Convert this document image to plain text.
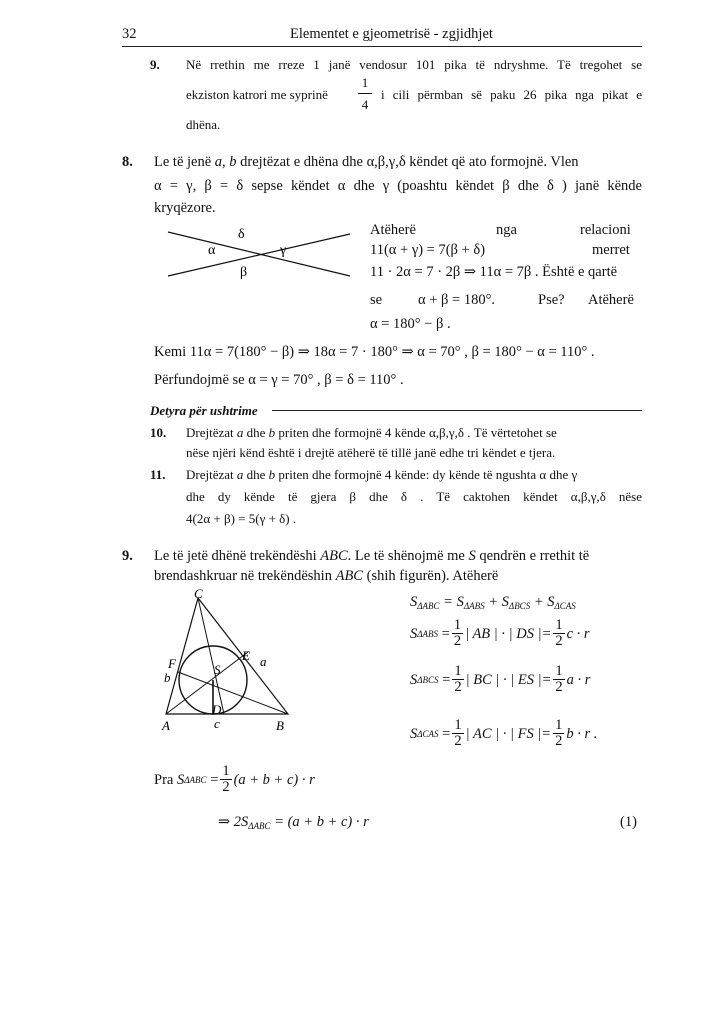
32	Elementet e gjeometrisë - zgjidhjet
9. Në rrethin me rreze 1 janë vendosur 101 pika të ndryshme. Të tregohet se
ekziston katrori me syprinë
1
4
i cili përmban së paku 26 pika nga pikat e
dhëna.
8. Le të jenë a, b drejtëzat e dhëna dhe α,β,γ,δ këndet që ato formojnë. Vlen
α = γ, β = δ sepse këndet α dhe γ (poashtu këndet β dhe δ ) janë kënde
kryqëzore.
δ
α	γ
β
Atëherë	nga	relacioni
11(α + γ) = 7(β + δ)	merret
11 · 2α = 7 · 2β ⇒ 11α = 7β . Është e qartë
se α + β = 180°.	Pse? Atëherë
α = 180° − β .
Kemi 11α = 7(180° − β) ⇒ 18α = 7 · 180° ⇒ α = 70° , β = 180° − α = 110° .
Përfundojmë se α = γ = 70° , β = δ = 110° .
Detyra për ushtrime
10. Drejtëzat a dhe b priten dhe formojnë 4 kënde α,β,γ,δ . Të vërtetohet se
nëse njëri kënd është i drejtë atëherë të tillë janë edhe tri këndet e tjera.
11. Drejtëzat a dhe b priten dhe formojnë 4 kënde: dy kënde të ngushta α dhe γ
dhe dy kënde të gjera β dhe δ . Të caktohen këndet α,β,γ,δ nëse
4(2α + β) = 5(γ + δ) .
9. Le të jetë dhënë trekëndëshi ABC. Le të shënojmë me S qendrën e rrethit të
brendashkruar në trekëndëshin ABC (shih figurën). Atëherë
C
E a
F	S
b
D
c
A	B
$S_{\Delta ABC} = S_{\Delta ABS} + S_{\Delta BCS} + S_{\Delta CAS}$
S $\Delta ABS = \frac{1}{2}$ | AB | · | DS |= $\frac{1}{2}$ c · r
S $\Delta BCS = \frac{1}{2}$ | BC | · | ES |= $\frac{1}{2}$ a · r
S $\Delta CAS = \frac{1}{2}$ | AC | · | FS |= $\frac{1}{2}$ b · r .
Pra
S $\Delta ABC = \frac{1}{2} (a + b + c) \cdot r$
⇒ $2S_{\Delta ABC} = (a + b + c) \cdot r$	(1)
